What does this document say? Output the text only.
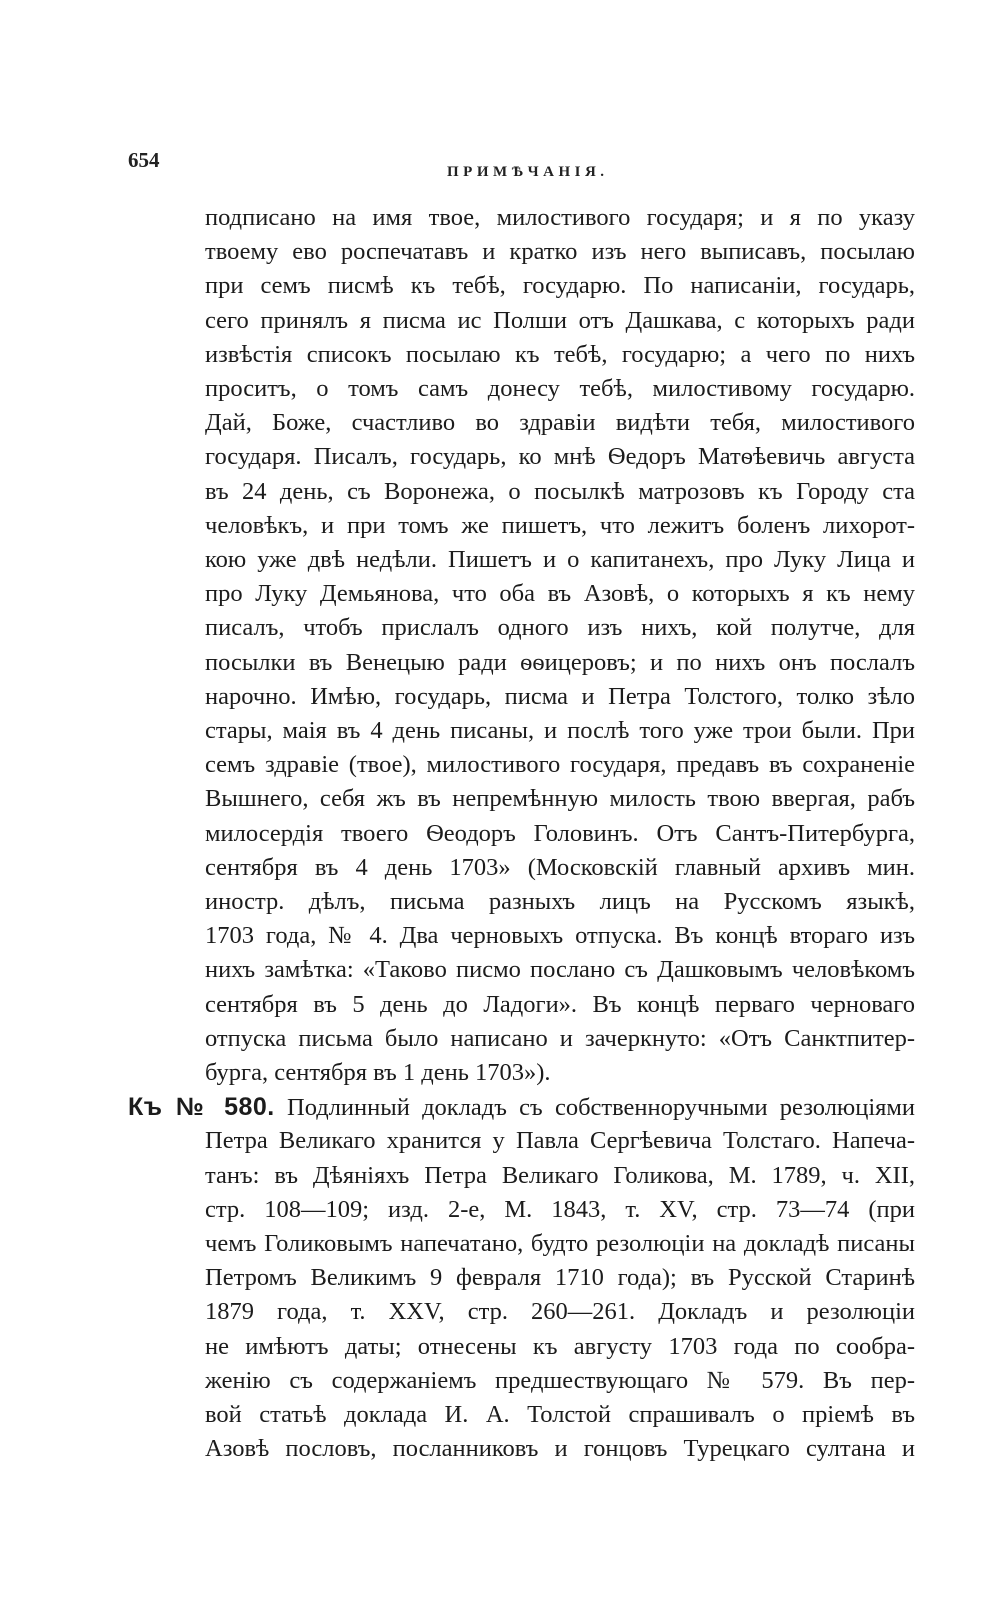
654	ПРИМѢЧАНІЯ.
подписано на имя твое, милостивого государя; и я по указу
твоему ево роспечатавъ и кратко изъ него выписавъ, посылаю
при семъ писмѣ къ тебѣ, государю. По написаніи, государь,
сего принялъ я писма ис Полши отъ Дашкава, с которыхъ ради
извѣстія списокъ посылаю къ тебѣ, государю; а чего по нихъ
проситъ, о томъ самъ донесу тебѣ, милостивому государю.
Дай, Боже, счастливо во здравіи видѣти тебя, милостивого
государя. Писалъ, государь, ко мнѣ Ѳедоръ Матѳѣевичь августа
въ 24 день, съ Воронежа, о посылкѣ матрозовъ къ Городу ста
человѣкъ, и при томъ же пишетъ, что лежитъ боленъ лихорот-
кою уже двѣ недѣли. Пишетъ и о капитанехъ, про Луку Лица и
про Луку Демьянова, что оба въ Азовѣ, о которыхъ я къ нему
писалъ, чтобъ прислалъ одного изъ нихъ, кой полутче, для
посылки въ Венецыю ради ѳѳицеровъ; и по нихъ онъ послалъ
нарочно. Имѣю, государь, писма и Петра Толстого, толко зѣло
стары, маія въ 4 день писаны, и послѣ того уже трои были. При
семъ здравіе (твое), милостивого государя, предавъ въ сохраненіе
Вышнего, себя жъ въ непремѣнную милость твою ввергая, рабъ
милосердія твоего Ѳеодоръ Головинъ. Отъ Сантъ-Питербурга,
сентября въ 4 день 1703» (Московскій главный архивъ мин.
иностр. дѣлъ, письма разныхъ лицъ на Русскомъ языкѣ,
1703 года, № 4. Два черновыхъ отпуска. Въ концѣ втораго изъ
нихъ замѣтка: «Таково писмо послано съ Дашковымъ человѣкомъ
сентября въ 5 день до Ладоги». Въ концѣ перваго черноваго
отпуска письма было написано и зачеркнуто: «Отъ Санктпитер-
бурга, сентября въ 1 день 1703»).
Къ № 580. Подлинный докладъ съ собственноручными резолюціями
Петра Великаго хранится у Павла Сергѣевича Толстаго. Напеча-
танъ: въ Дѣяніяхъ Петра Великаго Голикова, М. 1789, ч. XII,
стр. 108—109; изд. 2-е, М. 1843, т. XV, стр. 73—74 (при
чемъ Голиковымъ напечатано, будто резолюціи на докладѣ писаны
Петромъ Великимъ 9 февраля 1710 года); въ Русской Старинѣ
1879 года, т. XXV, стр. 260—261. Докладъ и резолюціи
не имѣютъ даты; отнесены къ августу 1703 года по сообра-
женію съ содержаніемъ предшествующаго № 579. Въ пер-
вой статьѣ доклада И. А. Толстой спрашивалъ о пріемѣ въ
Азовѣ пословъ, посланниковъ и гонцовъ Турецкаго султана и
